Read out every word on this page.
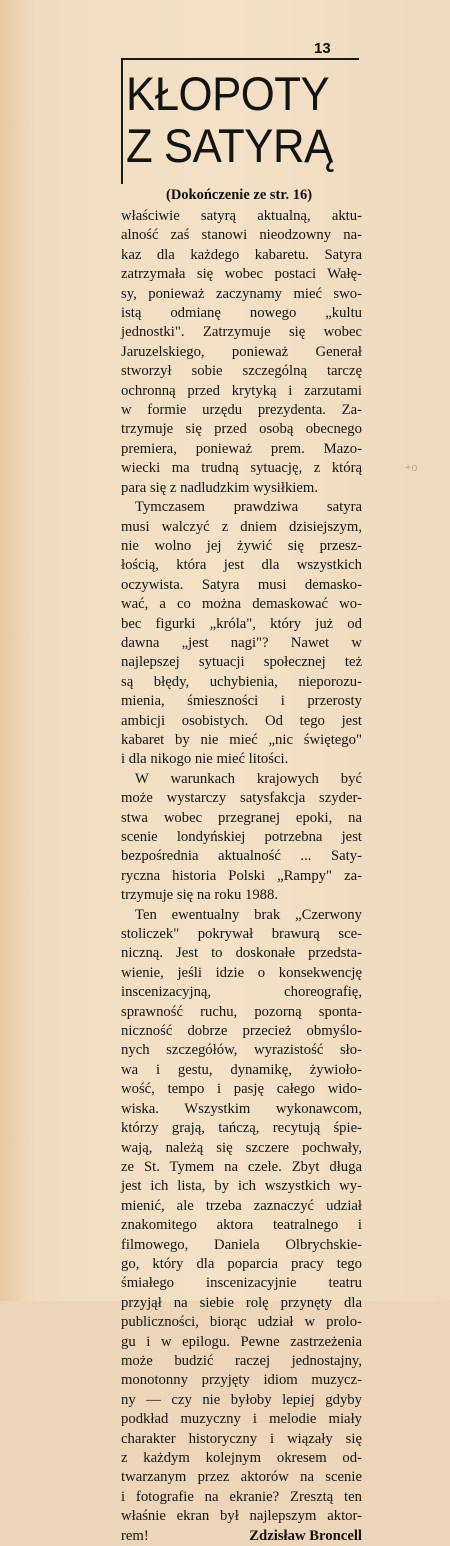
13
KŁOPOTY
Z SATYRĄ
(Dokończenie ze str. 16)

właściwie satyrą aktualną, aktu-
alność zaś stanowi nieodzowny na-
kaz dla każdego kabaretu. Satyra
zatrzymała się wobec postaci Wałę-
sy, ponieważ zaczynamy mieć swo-
istą odmianę nowego „kultu
jednostki". Zatrzymuje się wobec
Jaruzelskiego, ponieważ Generał
stworzył sobie szczególną tarczę
ochronną przed krytyką i zarzutami
w formie urzędu prezydenta. Za-
trzymuje się przed osobą obecnego
premiera, ponieważ prem. Mazo-
wiecki ma trudną sytuację, z którą
para się z nadludzkim wysiłkiem.

Tymczasem prawdziwa satyra
musi walczyć z dniem dzisiejszym,
nie wolno jej żywić się przesz-
łością, która jest dla wszystkich
oczywista. Satyra musi demasko-
wać, a co można demaskować wo-
bec figurki „króla", który już od
dawna „jest nagi"? Nawet w
najlepszej sytuacji społecznej też
są błędy, uchybienia, nieporozu-
mienia, śmieszności i przerosty
ambicji osobistych. Od tego jest
kabaret by nie mieć „nic świętego"
i dla nikogo nie mieć litości.

W warunkach krajowych być
może wystarczy satysfakcja szyder-
stwa wobec przegranej epoki, na
scenie londyńskiej potrzebna jest
bezpośrednia aktualność ... Saty-
ryczna historia Polski „Rampy" za-
trzymuje się na roku 1988.

Ten ewentualny brak „Czerwony
stoliczek" pokrywał brawurą sce-
niczną. Jest to doskonałe przedsta-
wienie, jeśli idzie o konsekwencję
inscenizacyjną, choreografię,
sprawność ruchu, pozorną sponta-
niczność dobrze przecież obmyślo-
nych szczegółów, wyrazistość sło-
wa i gestu, dynamikę, żywioło-
wość, tempo i pasję całego wido-
wiska. Wszystkim wykonawcom,
którzy grają, tańczą, recytują śpie-
wają, należą się szczere pochwały,
ze St. Tymem na czele. Zbyt długa
jest ich lista, by ich wszystkich wy-
mienić, ale trzeba zaznaczyć udział
znakomitego aktora teatralnego i
filmowego, Daniela Olbrychskie-
go, który dla poparcia pracy tego
śmiałego inscenizacyjnie teatru
przyjął na siebie rolę przynęty dla
publiczności, biorąc udział w prolo-
gu i w epilogu. Pewne zastrzeżenia
może budzić raczej jednostajny,
monotonny przyjęty idiom muzycz-
ny — czy nie byłoby lepiej gdyby
podkład muzyczny i melodie miały
charakter historyczny i wiązały się
z każdym kolejnym okresem od-
twarzanym przez aktorów na scenie
i fotografie na ekranie? Zresztą ten
właśnie ekran był najlepszym aktor-
rem!	Zdzisław Broncell

+o
